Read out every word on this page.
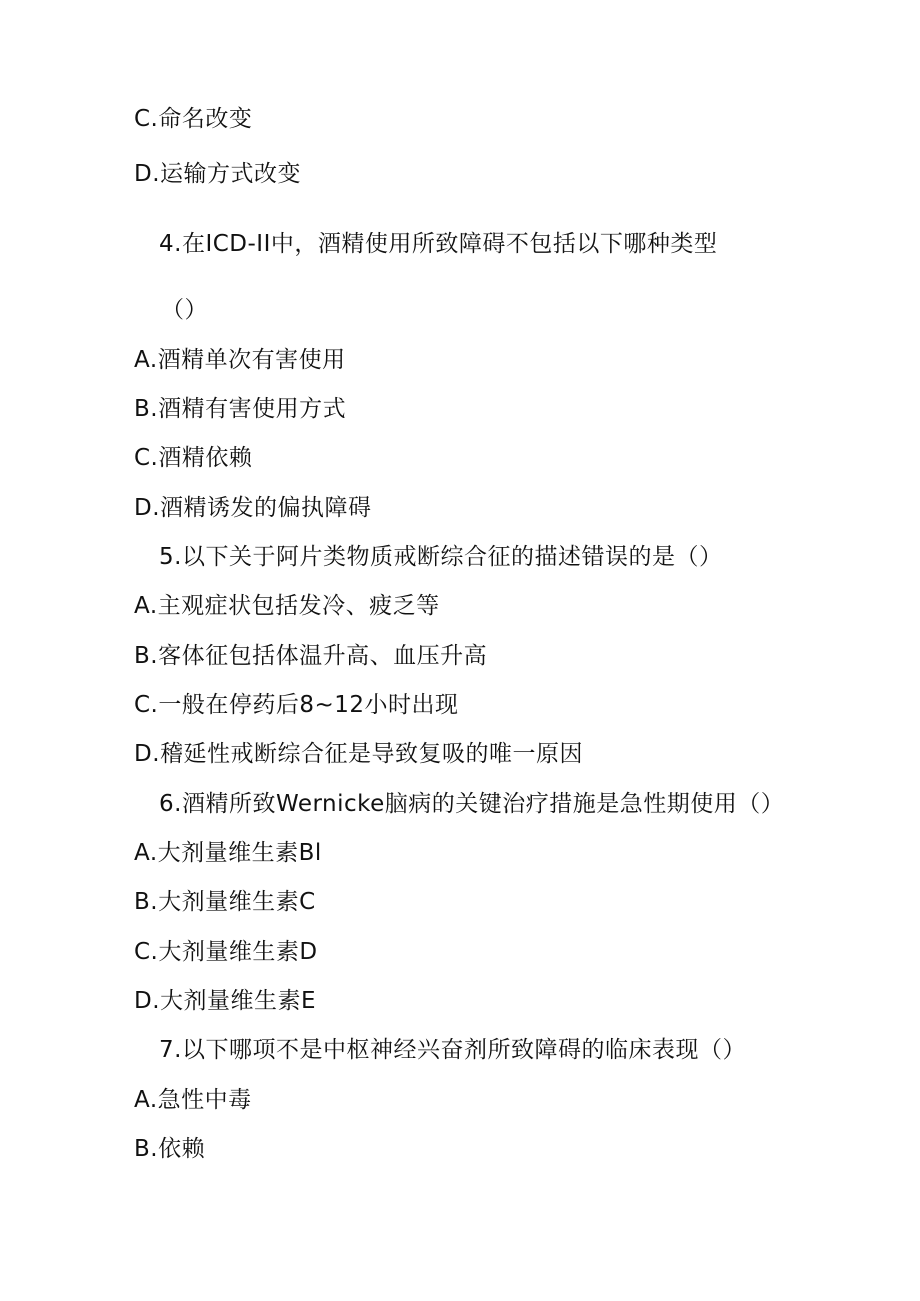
C.命名改变
D.运输方式改变
4.在ICD-II中，酒精使用所致障碍不包括以下哪种类型
（）
A.酒精单次有害使用
B.酒精有害使用方式
C.酒精依赖
D.酒精诱发的偏执障碍
5.以下关于阿片类物质戒断综合征的描述错误的是（）
A.主观症状包括发冷、疲乏等
B.客体征包括体温升高、血压升高
C.一般在停药后8~12小时出现
D.稽延性戒断综合征是导致复吸的唯一原因
6.酒精所致Wernicke脑病的关键治疗措施是急性期使用（）
A.大剂量维生素Bl
B.大剂量维生素C
C.大剂量维生素D
D.大剂量维生素E
7.以下哪项不是中枢神经兴奋剂所致障碍的临床表现（）
A.急性中毒
B.依赖
